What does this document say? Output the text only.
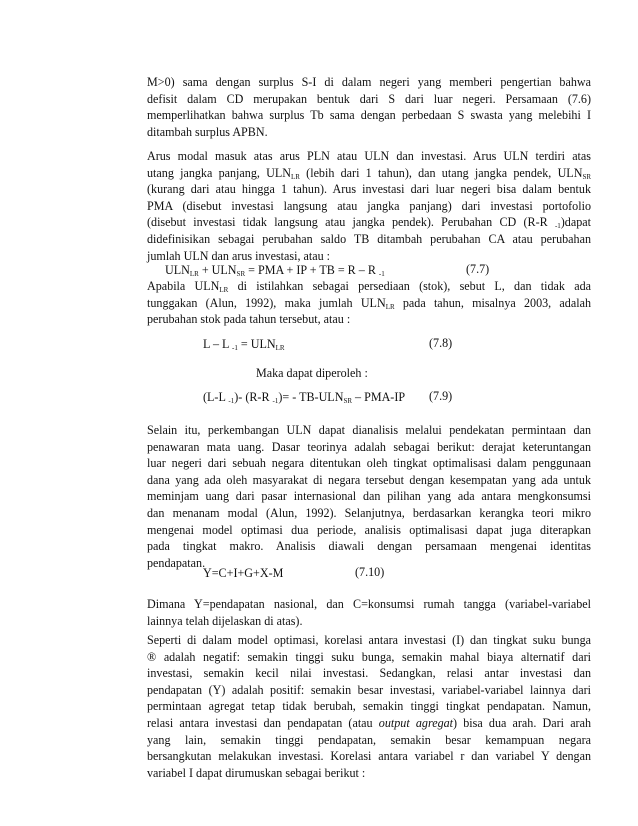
M>0) sama dengan surplus S-I di dalam negeri yang memberi pengertian bahwa
defisit dalam CD merupakan bentuk dari S dari luar negeri. Persamaan (7.6)
memperlihatkan bahwa surplus Tb sama dengan perbedaan S swasta yang melebihi I
ditambah surplus APBN.

Arus modal masuk atas arus PLN atau ULN dan investasi. Arus ULN terdiri atas
utang jangka panjang, $ULN_{LR}$ (lebih dari 1 tahun), dan utang jangka pendek, $ULN_{SR}$
(kurang dari atau hingga 1 tahun). Arus investasi dari luar negeri bisa dalam bentuk
PMA (disebut investasi langsung atau jangka panjang) dari investasi portofolio
(disebut investasi tidak langsung atau jangka pendek). Perubahan CD (R-R $_{-1}$)dapat
didefinisikan sebagai perubahan saldo TB ditambah perubahan CA atau perubahan
jumlah ULN dan arus investasi, atau :

$ULN_{LR} + ULN_{SR}$ = PMA + IP + TB = R – R $_{-1}$	(7.7)

Apabila $ULN_{LR}$ di istilahkan sebagai persediaan (stok), sebut L, dan tidak ada
tunggakan (Alun, 1992), maka jumlah $ULN_{LR}$ pada tahun, misalnya 2003, adalah
perubahan stok pada tahun tersebut, atau :

L – L $_{-1} = ULN_{LR}$	(7.8)
Maka dapat diperoleh :
(L-L $_{-1}$)- (R-R $_{-1})= - TB-ULN_{SR} - PMA-IP$ (7.9)

Selain itu, perkembangan ULN dapat dianalisis melalui pendekatan permintaan dan
penawaran mata uang. Dasar teorinya adalah sebagai berikut: derajat keteruntangan
luar negeri dari sebuah negara ditentukan oleh tingkat optimalisasi dalam penggunaan
dana yang ada oleh masyarakat di negara tersebut dengan kesempatan yang ada untuk
meminjam uang dari pasar internasional dan pilihan yang ada antara mengkonsumsi
dan menanam modal (Alun, 1992). Selanjutnya, berdasarkan kerangka teori mikro
mengenai model optimasi dua periode, analisis optimalisasi dapat juga diterapkan
pada tingkat makro. Analisis diawali dengan persamaan mengenai identitas
pendapatan.

Y=C+I+G+X-M	(7.10)

Dimana Y=pendapatan nasional, dan C=konsumsi rumah tangga (variabel-variabel
lainnya telah dijelaskan di atas).

Seperti di dalam model optimasi, korelasi antara investasi (I) dan tingkat suku bunga
® adalah negatif: semakin tinggi suku bunga, semakin mahal biaya alternatif dari
investasi, semakin kecil nilai investasi. Sedangkan, relasi antar investasi dan
pendapatan (Y) adalah positif: semakin besar investasi, variabel-variabel lainnya dari
permintaan agregat tetap tidak berubah, semakin tinggi tingkat pendapatan. Namun,
relasi antara investasi dan pendapatan (atau output agregat) bisa dua arah. Dari arah
yang lain, semakin tinggi pendapatan, semakin besar kemampuan negara
bersangkutan melakukan investasi. Korelasi antara variabel r dan variabel Y dengan
variabel I dapat dirumuskan sebagai berikut :
